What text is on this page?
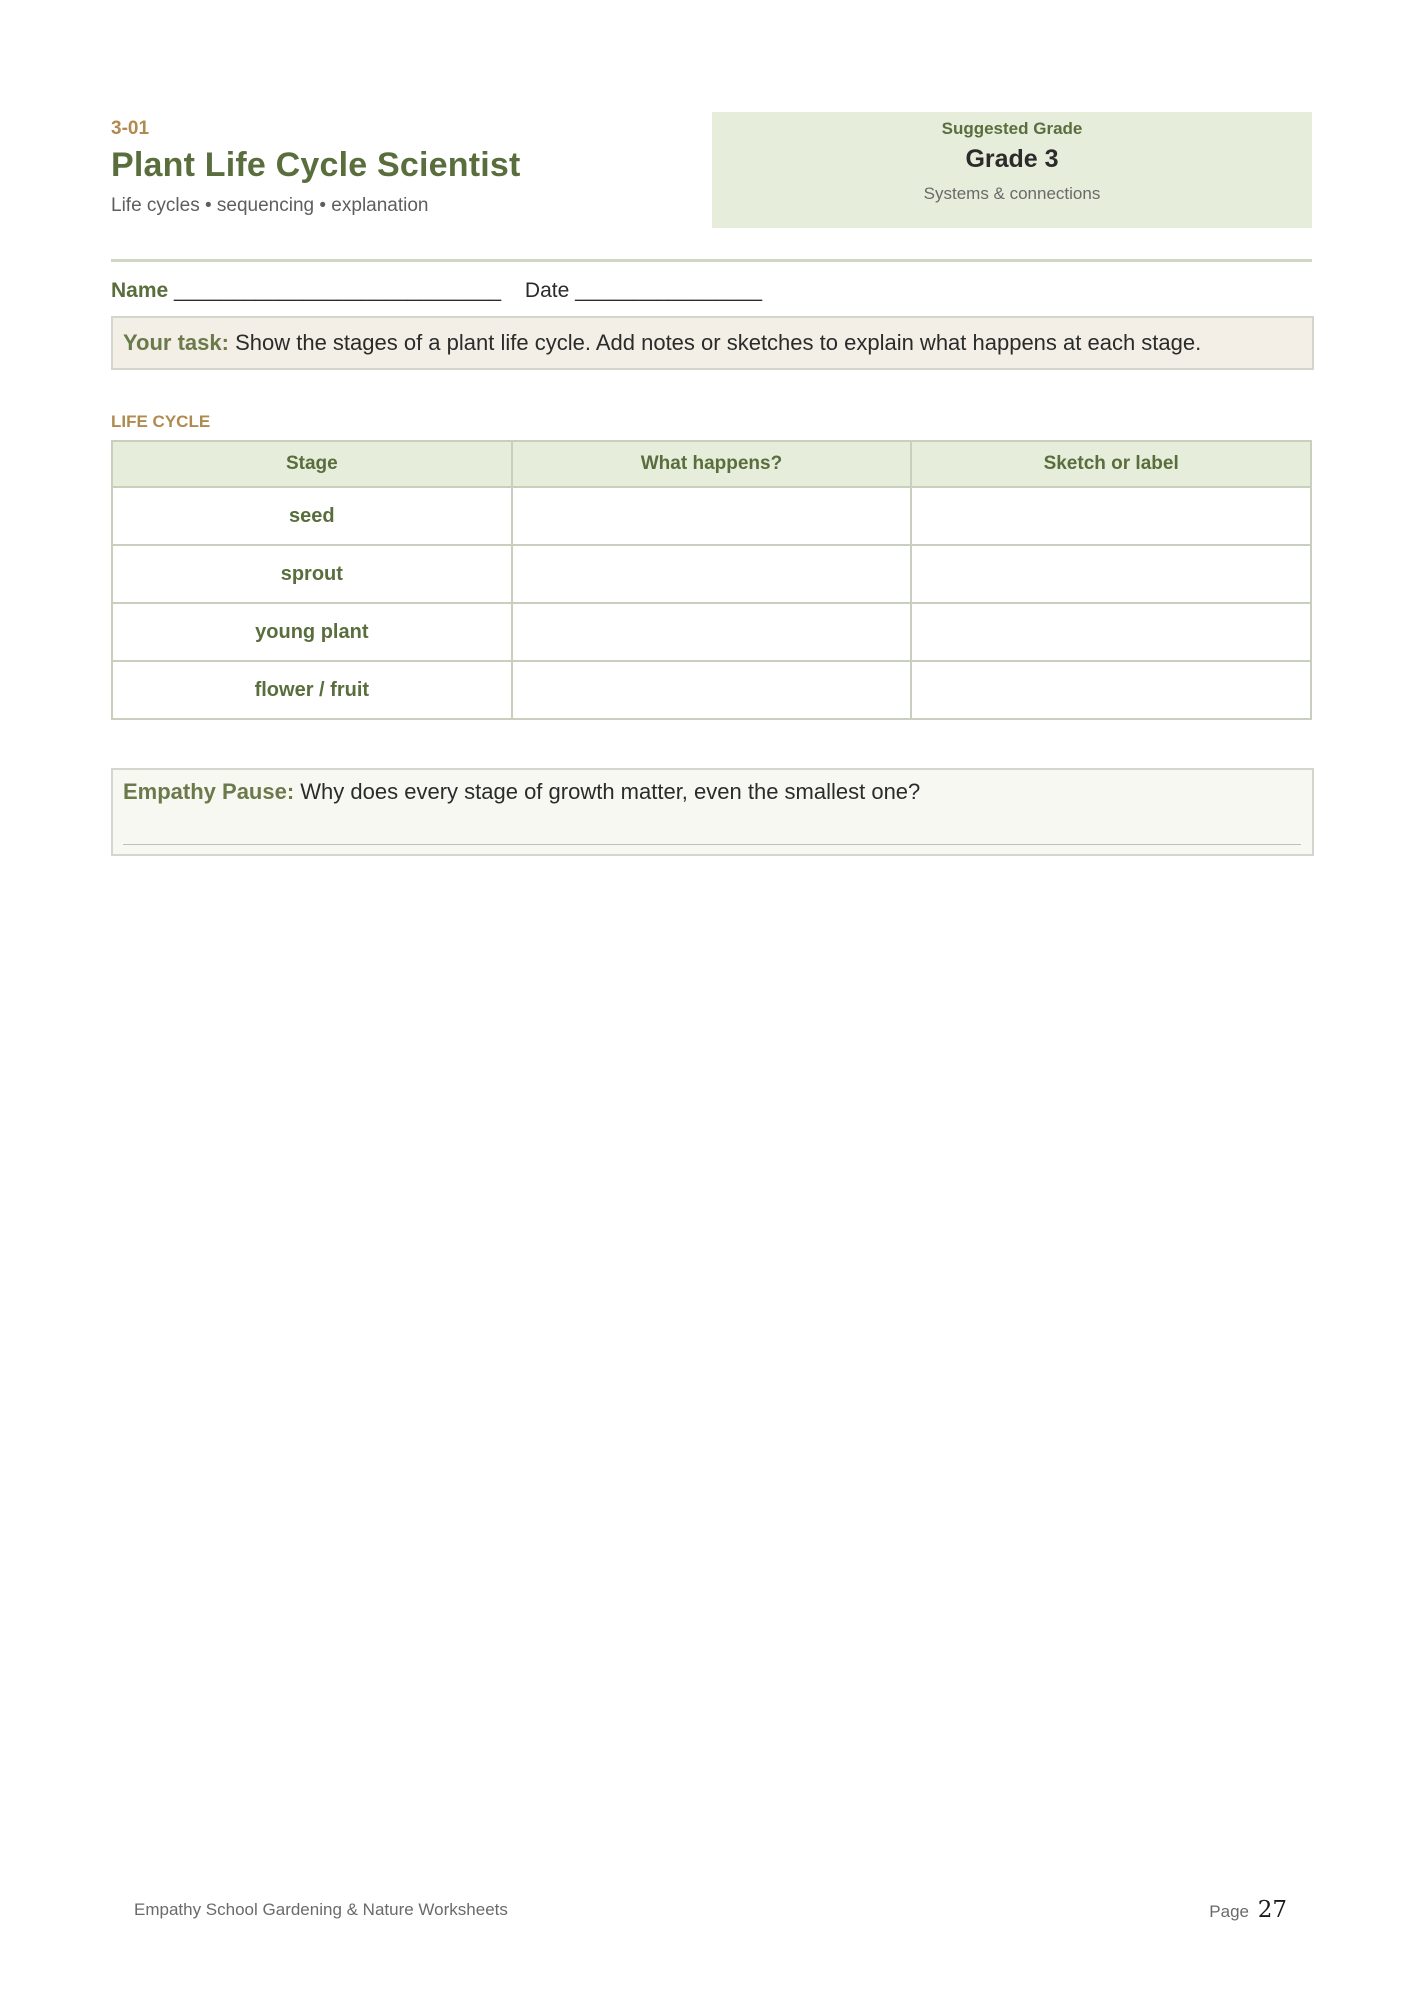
3-01
Plant Life Cycle Scientist
Life cycles • sequencing • explanation
Suggested Grade
Grade 3
Systems & connections
Name ____________________________ Date ________________
Your task: Show the stages of a plant life cycle. Add notes or sketches to explain what happens at each stage.
LIFE CYCLE
Stage	What happens?	Sketch or label
seed		
sprout		
young plant		
flower / fruit		
Empathy Pause: Why does every stage of growth matter, even the smallest one?
Empathy School Gardening & Nature Worksheets	Page 27
